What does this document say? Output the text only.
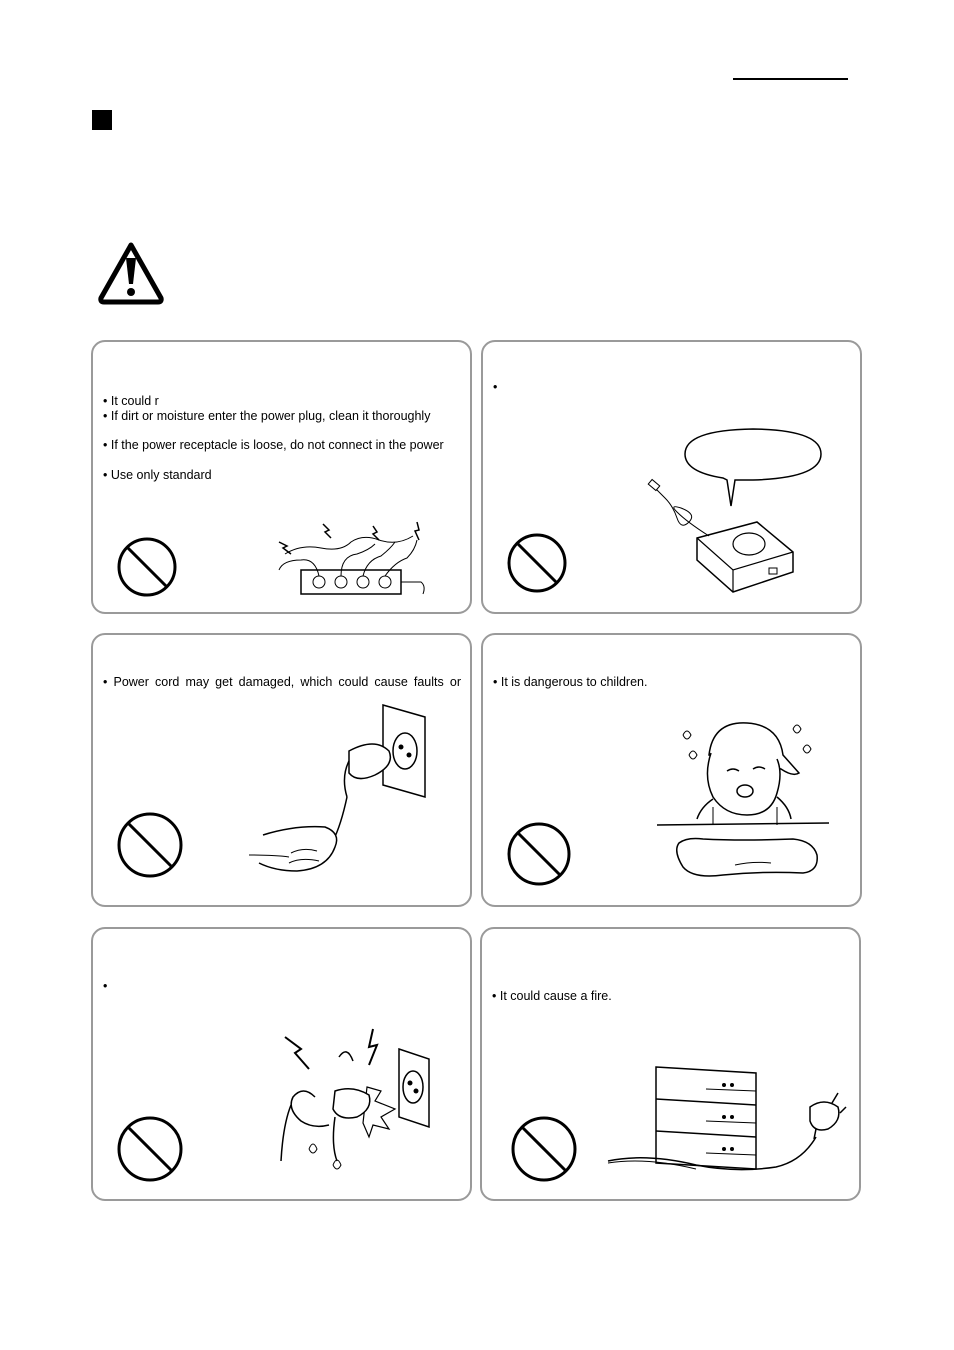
• It could r

• If dirt or moisture enter the power plug, clean it thoroughly

• If the power receptacle is loose, do not connect in the power

• Use only standard

•

• Power cord may get damaged, which could cause faults or	• It is dangerous to children.

•

• It could cause a fire.
